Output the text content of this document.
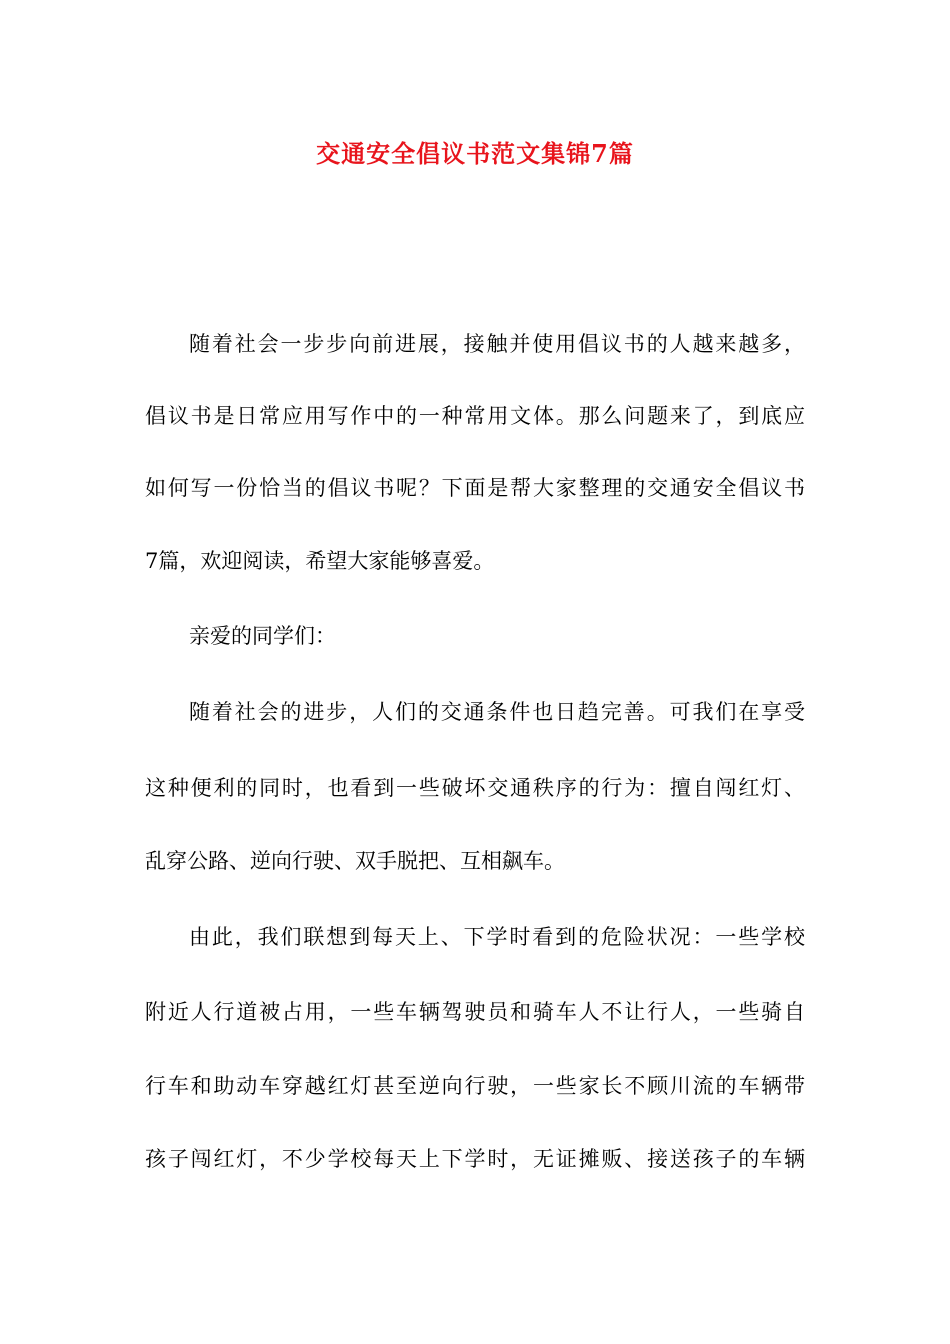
交通安全倡议书范文集锦7篇
随着社会一步步向前进展，接触并使用倡议书的人越来越多，
倡议书是日常应用写作中的一种常用文体。那么问题来了，到底应
如何写一份恰当的倡议书呢？下面是帮大家整理的交通安全倡议书
7篇，欢迎阅读，希望大家能够喜爱。
亲爱的同学们：
随着社会的进步，人们的交通条件也日趋完善。可我们在享受
这种便利的同时，也看到一些破坏交通秩序的行为：擅自闯红灯、
乱穿公路、逆向行驶、双手脱把、互相飙车。
由此，我们联想到每天上、下学时看到的危险状况：一些学校
附近人行道被占用，一些车辆驾驶员和骑车人不让行人，一些骑自
行车和助动车穿越红灯甚至逆向行驶，一些家长不顾川流的车辆带
孩子闯红灯，不少学校每天上下学时，无证摊贩、接送孩子的车辆
